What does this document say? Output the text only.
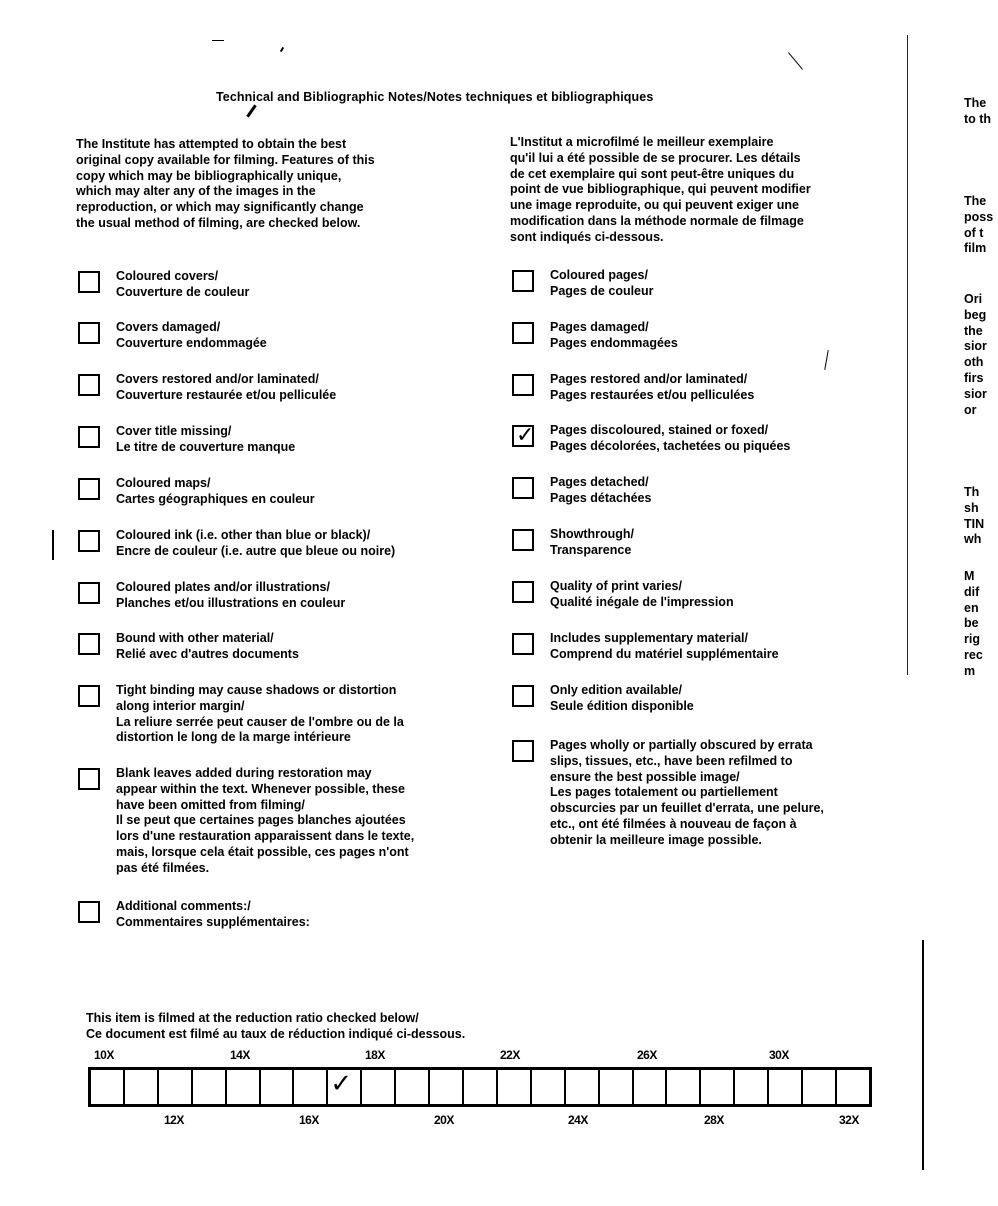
Technical and Bibliographic Notes/Notes techniques et bibliographiques
The Institute has attempted to obtain the best
original copy available for filming. Features of this
copy which may be bibliographically unique,
which may alter any of the images in the
reproduction, or which may significantly change
the usual method of filming, are checked below.
L'Institut a microfilmé le meilleur exemplaire
qu'il lui a été possible de se procurer. Les détails
de cet exemplaire qui sont peut-être uniques du
point de vue bibliographique, qui peuvent modifier
une image reproduite, ou qui peuvent exiger une
modification dans la méthode normale de filmage
sont indiqués ci-dessous.
Coloured covers/
Couverture de couleur
Covers damaged/
Couverture endommagée
Covers restored and/or laminated/
Couverture restaurée et/ou pelliculée
Cover title missing/
Le titre de couverture manque
Coloured maps/
Cartes géographiques en couleur
Coloured ink (i.e. other than blue or black)/
Encre de couleur (i.e. autre que bleue ou noire)
Coloured plates and/or illustrations/
Planches et/ou illustrations en couleur
Bound with other material/
Relié avec d'autres documents
Tight binding may cause shadows or distortion
along interior margin/
La reliure serrée peut causer de l'ombre ou de la
distortion le long de la marge intérieure
Blank leaves added during restoration may
appear within the text. Whenever possible, these
have been omitted from filming/
Il se peut que certaines pages blanches ajoutées
lors d'une restauration apparaissent dans le texte,
mais, lorsque cela était possible, ces pages n'ont
pas été filmées.
Additional comments:/
Commentaires supplémentaires:
Coloured pages/
Pages de couleur
Pages damaged/
Pages endommagées
Pages restored and/or laminated/
Pages restaurées et/ou pelliculées
✓ Pages discoloured, stained or foxed/
Pages décolorées, tachetées ou piquées
Pages detached/
Pages détachées
Showthrough/
Transparence
Quality of print varies/
Qualité inégale de l'impression
Includes supplementary material/
Comprend du matériel supplémentaire
Only edition available/
Seule édition disponible
Pages wholly or partially obscured by errata
slips, tissues, etc., have been refilmed to
ensure the best possible image/
Les pages totalement ou partiellement
obscurcies par un feuillet d'errata, une pelure,
etc., ont été filmées à nouveau de façon à
obtenir la meilleure image possible.
This item is filmed at the reduction ratio checked below/
Ce document est filmé au taux de réduction indiqué ci-dessous.
10X	14X	18X	22X	26X	30X
✓
12X	16X	20X	24X	28X	32X
The
to th
The
poss
of t
film
Ori
beg
the
sior
oth
firs
sior
or
Th
sh
TIN
wh
M
dif
en
be
rig
rec
m
